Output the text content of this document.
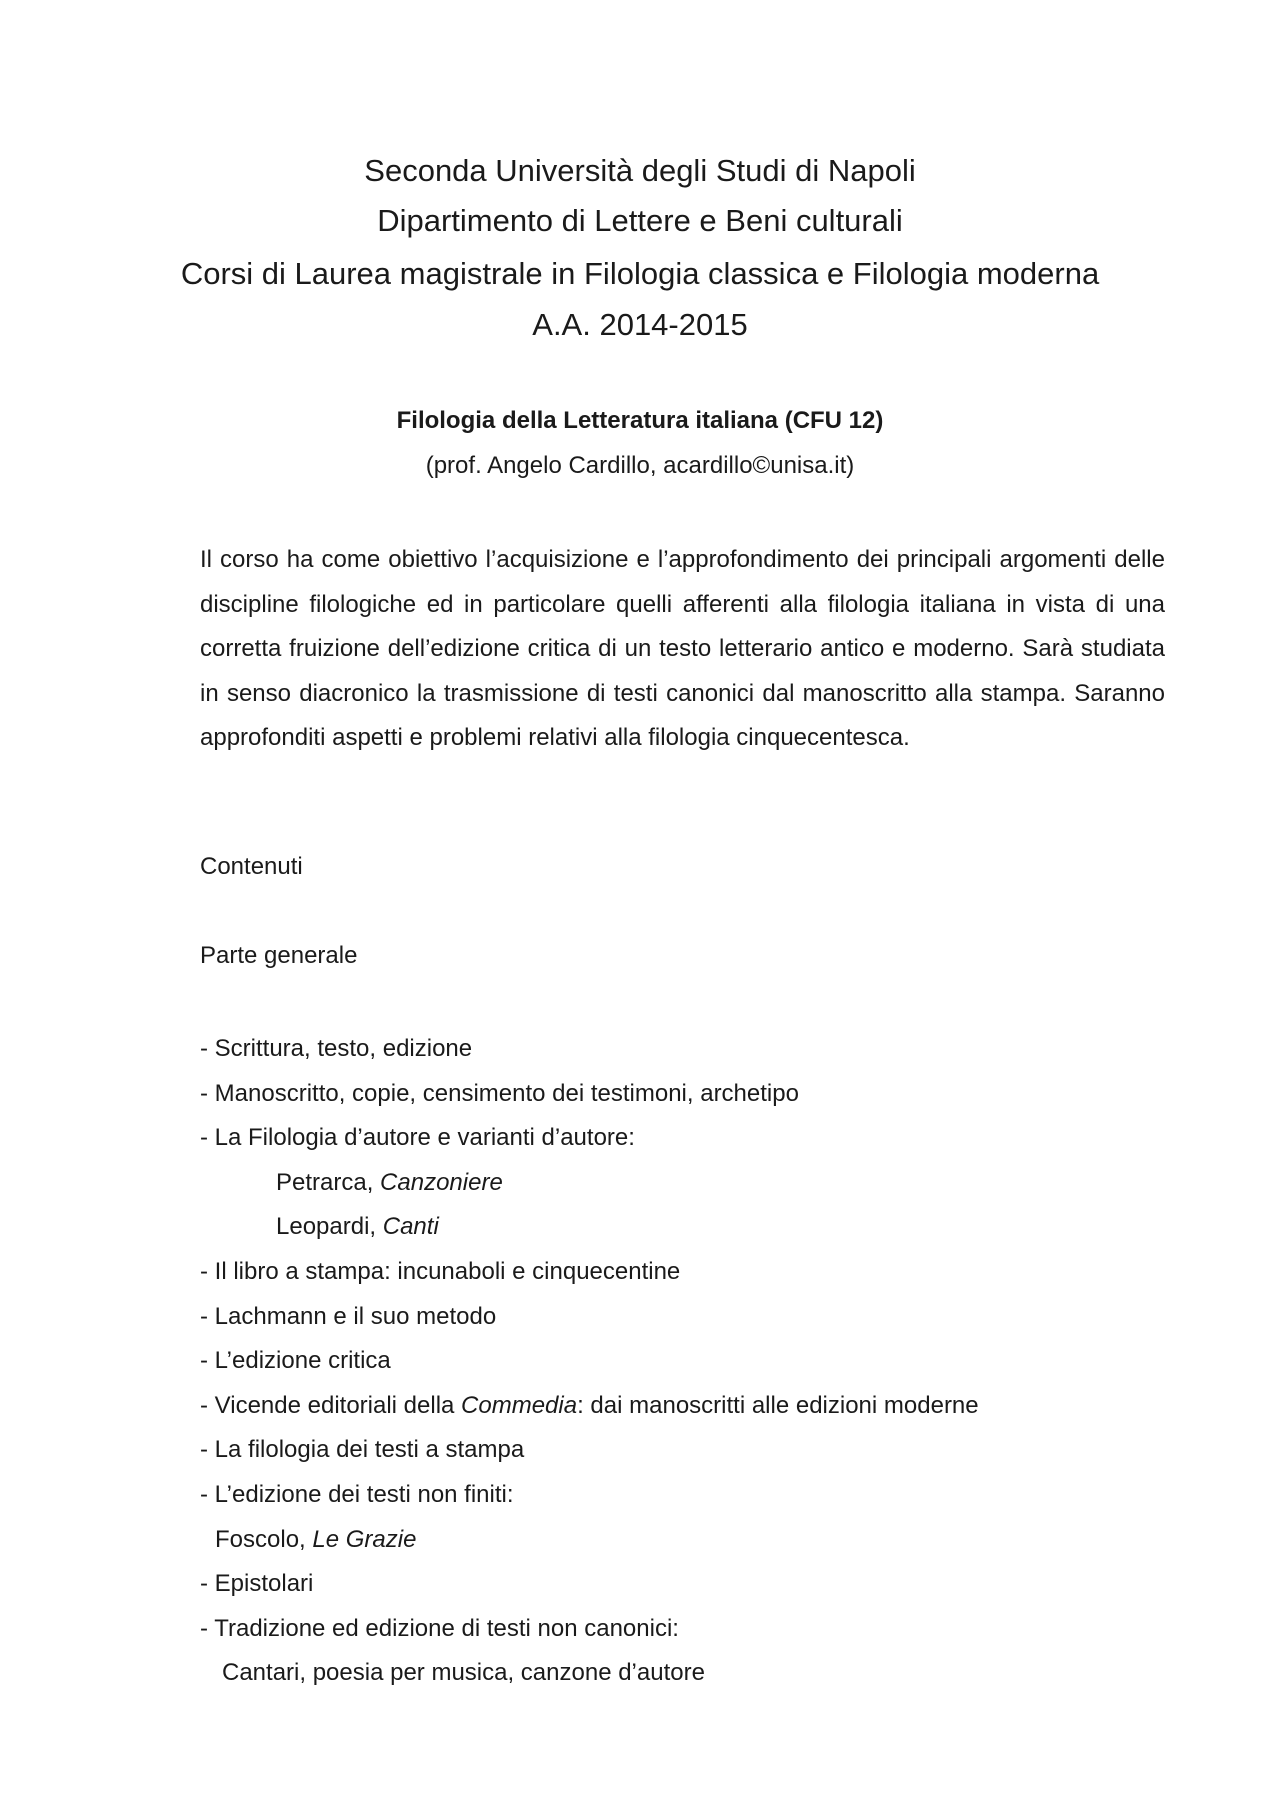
Seconda Università degli Studi di Napoli
Dipartimento di Lettere e Beni culturali
Corsi di Laurea magistrale in Filologia classica e Filologia moderna
A.A. 2014-2015
Filologia della Letteratura italiana (CFU 12)
(prof. Angelo Cardillo, acardillo©unisa.it)

Il corso ha come obiettivo l’acquisizione e l’approfondimento dei principali argomenti delle discipline filologiche ed in particolare quelli afferenti alla filologia italiana in vista di una corretta fruizione dell’edizione critica di un testo letterario antico e moderno. Sarà studiata in senso diacronico la trasmissione di testi canonici dal manoscritto alla stampa. Saranno approfonditi aspetti e problemi relativi alla filologia cinquecentesca.

Contenuti
Parte generale
- Scrittura, testo, edizione
- Manoscritto, copie, censimento dei testimoni, archetipo
- La Filologia d’autore e varianti d’autore:
Petrarca, Canzoniere
Leopardi, Canti
- Il libro a stampa: incunaboli e cinquecentine
- Lachmann e il suo metodo
- L’edizione critica
- Vicende editoriali della Commedia: dai manoscritti alle edizioni moderne
- La filologia dei testi a stampa
- L’edizione dei testi non finiti:
Foscolo, Le Grazie
- Epistolari
- Tradizione ed edizione di testi non canonici:
Cantari, poesia per musica, canzone d’autore
